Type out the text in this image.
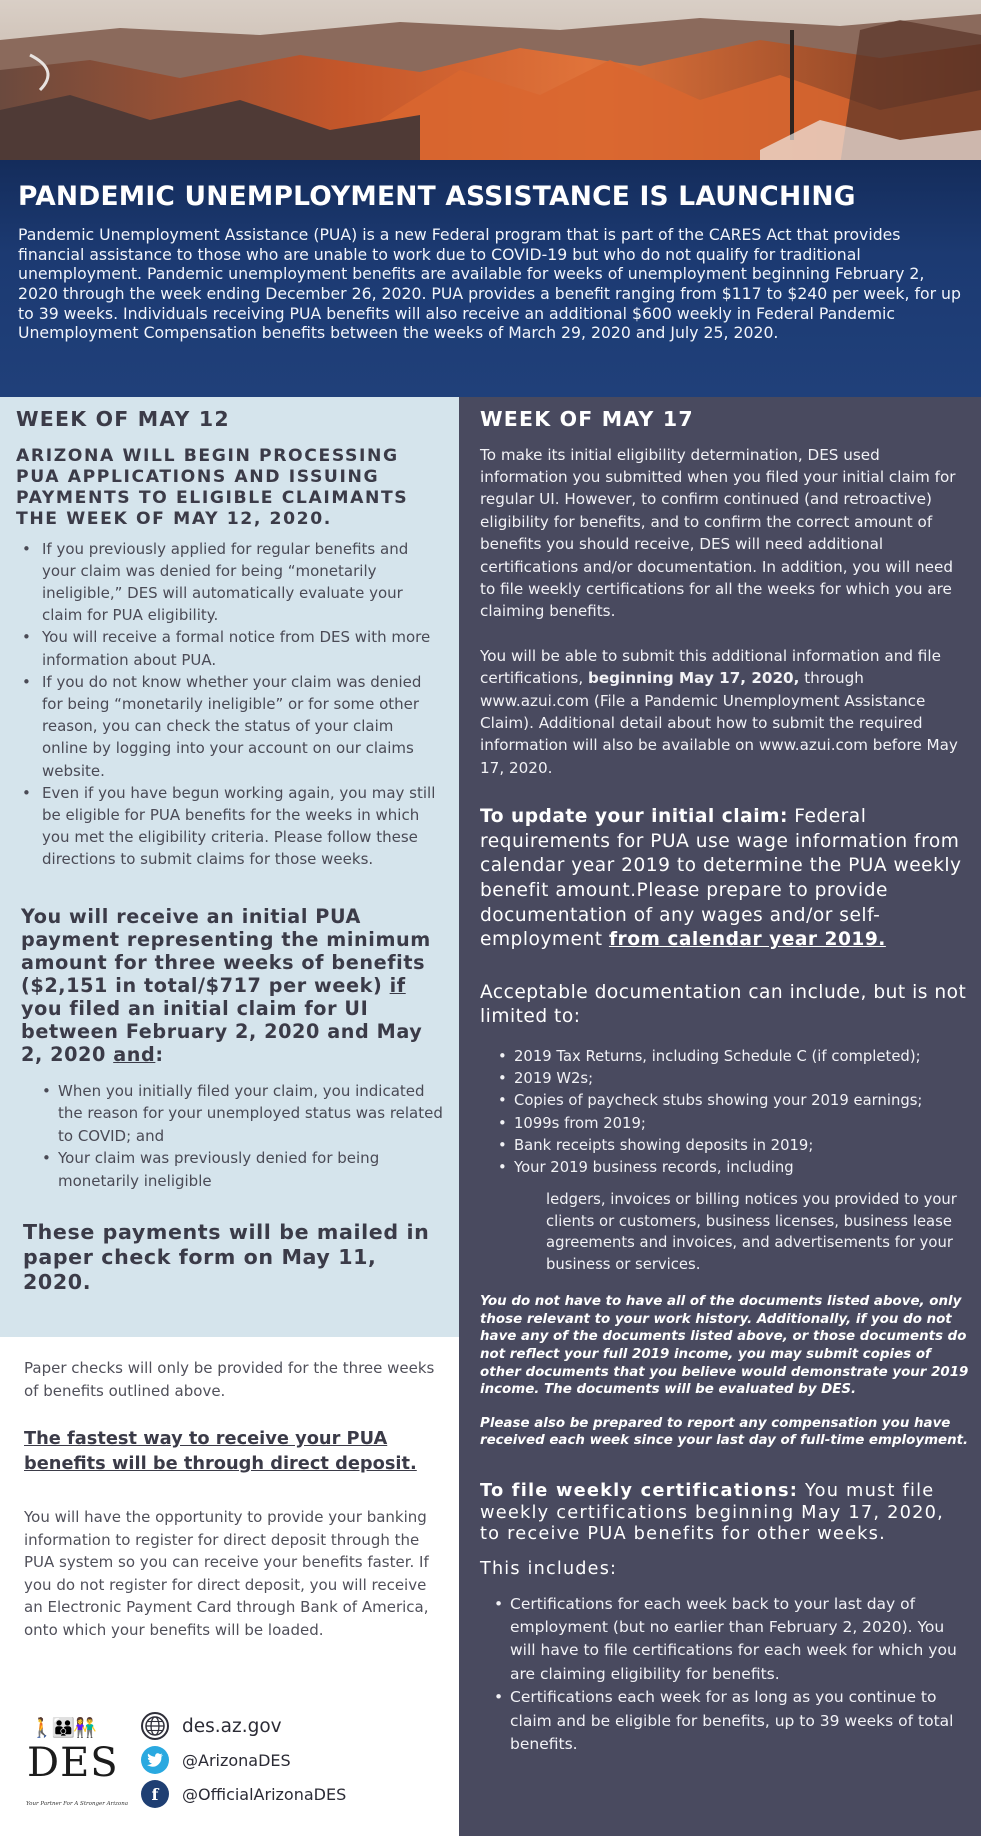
PANDEMIC UNEMPLOYMENT ASSISTANCE IS LAUNCHING

Pandemic Unemployment Assistance (PUA) is a new Federal program that is part of the CARES Act that provides financial assistance to those who are unable to work due to COVID-19 but who do not qualify for traditional unemployment. Pandemic unemployment benefits are available for weeks of unemployment beginning February 2, 2020 through the week ending December 26, 2020. PUA provides a benefit ranging from $117 to $240 per week, for up to 39 weeks. Individuals receiving PUA benefits will also receive an additional $600 weekly in Federal Pandemic Unemployment Compensation benefits between the weeks of March 29, 2020 and July 25, 2020.

WEEK OF MAY 12
ARIZONA WILL BEGIN PROCESSING PUA APPLICATIONS AND ISSUING PAYMENTS TO ELIGIBLE CLAIMANTS THE WEEK OF MAY 12, 2020.
• If you previously applied for regular benefits and your claim was denied for being “monetarily ineligible,” DES will automatically evaluate your claim for PUA eligibility.
• You will receive a formal notice from DES with more information about PUA.
• If you do not know whether your claim was denied for being “monetarily ineligible” or for some other reason, you can check the status of your claim online by logging into your account on our claims website.
• Even if you have begun working again, you may still be eligible for PUA benefits for the weeks in which you met the eligibility criteria. Please follow these directions to submit claims for those weeks.
You will receive an initial PUA payment representing the minimum amount for three weeks of benefits ($2,151 in total/$717 per week) if you filed an initial claim for UI between February 2, 2020 and May 2, 2020 and:
• When you initially filed your claim, you indicated the reason for your unemployed status was related to COVID; and
• Your claim was previously denied for being monetarily ineligible
These payments will be mailed in paper check form on May 11, 2020.

Paper checks will only be provided for the three weeks of benefits outlined above.

The fastest way to receive your PUA benefits will be through direct deposit.

You will have the opportunity to provide your banking information to register for direct deposit through the PUA system so you can receive your benefits faster. If you do not register for direct deposit, you will receive an Electronic Payment Card through Bank of America, onto which your benefits will be loaded.

🚶👪👫
DES
Your Partner For A Stronger Arizona
des.az.gov
@ArizonaDES
f	@OfficialArizonaDES
WEEK OF MAY 17

To make its initial eligibility determination, DES used information you submitted when you filed your initial claim for regular UI. However, to confirm continued (and retroactive) eligibility for benefits, and to confirm the correct amount of benefits you should receive, DES will need additional certifications and/or documentation. In addition, you will need to file weekly certifications for all the weeks for which you are claiming benefits.

You will be able to submit this additional information and file certifications, beginning May 17, 2020, through www.azui.com (File a Pandemic Unemployment Assistance Claim). Additional detail about how to submit the required information will also be available on www.azui.com before May 17, 2020.

To update your initial claim: Federal requirements for PUA use wage information from calendar year 2019 to determine the PUA weekly benefit amount.Please prepare to provide documentation of any wages and/or self-employment from calendar year 2019.
Acceptable documentation can include, but is not limited to:
• 2019 Tax Returns, including Schedule C (if completed);
• 2019 W2s;
• Copies of paycheck stubs showing your 2019 earnings;
• 1099s from 2019;
• Bank receipts showing deposits in 2019;
• Your 2019 business records, including
ledgers, invoices or billing notices you provided to your clients or customers, business licenses, business lease agreements and invoices, and advertisements for your business or services.
You do not have to have all of the documents listed above, only those relevant to your work history. Additionally, if you do not have any of the documents listed above, or those documents do not reflect your full 2019 income, you may submit copies of other documents that you believe would demonstrate your 2019 income. The documents will be evaluated by DES.
Please also be prepared to report any compensation you have received each week since your last day of full-time employment.
To file weekly certifications: You must file weekly certifications beginning May 17, 2020, to receive PUA benefits for other weeks.
This includes:
• Certifications for each week back to your last day of employment (but no earlier than February 2, 2020). You will have to file certifications for each week for which you are claiming eligibility for benefits.
• Certifications each week for as long as you continue to claim and be eligible for benefits, up to 39 weeks of total benefits.
